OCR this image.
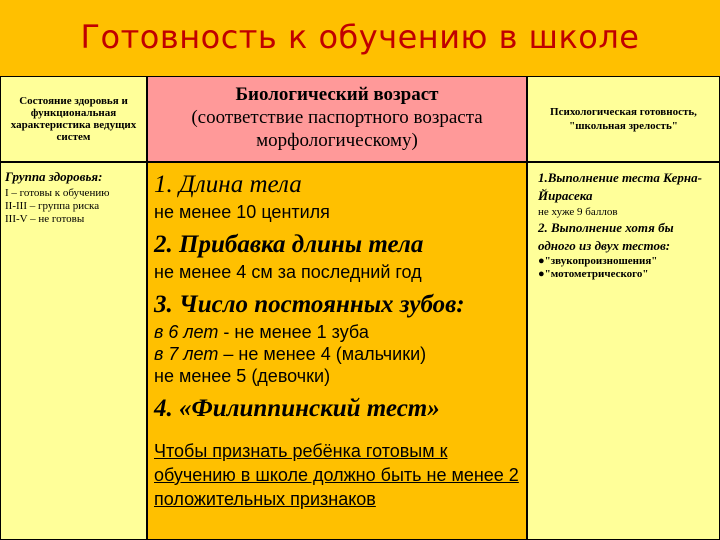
Готовность к обучению в школе
Состояние здоровья и функциональная характеристика ведущих систем
Биологический возраст
(соответствие паспортного возраста морфологическому)
Психологическая готовность, "школьная зрелость"
Группа здоровья:
I – готовы к обучению
II-III – группа риска
III-V – не готовы
1. Длина тела
не менее 10 центиля
2. Прибавка длины тела
не менее 4 см за последний год
3. Число постоянных зубов:
в 6 лет - не менее 1 зуба
в 7 лет – не менее 4 (мальчики)
не менее 5 (девочки)
4. «Филиппинский тест»
Чтобы признать ребёнка готовым к обучению в школе должно быть не менее 2 положительных признаков
1.Выполнение теста Керна-Йирасека
не хуже 9 баллов
2. Выполнение хотя бы одного из двух тестов:
●"звукопроизношения"
●"мотометрического"
